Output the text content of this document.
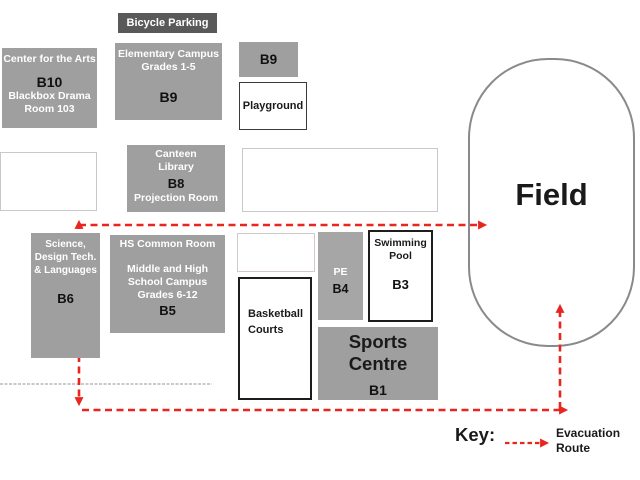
Field
Bicycle Parking
Center for the Arts
B10
Blackbox Drama
Room 103
Elementary Campus
Grades 1-5
B9
B9
Playground
Canteen
Library
B8
Projection Room
Science,
Design Tech.
& Languages
B6
HS Common Room
Middle and High
School Campus
Grades 6-12
B5	Basketball
Courts
PE
B4
Swimming
Pool
B3
Sports Centre
B1
Key:	Evacuation
Route
